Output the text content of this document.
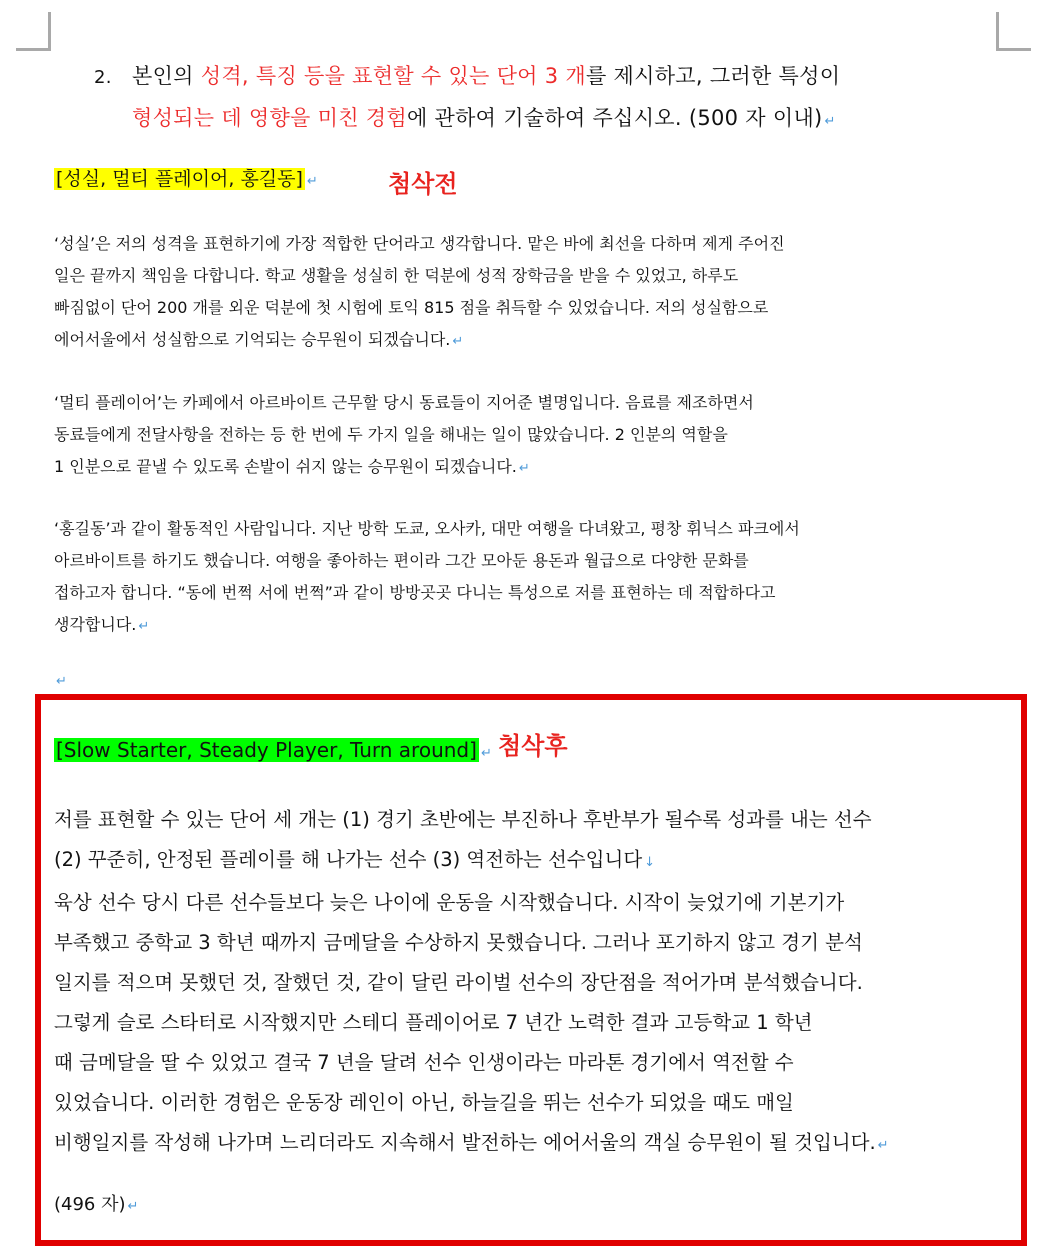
2. 본인의 성격, 특징 등을 표현할 수 있는 단어 3 개를 제시하고, 그러한 특성이
형성되는 데 영향을 미친 경험에 관하여 기술하여 주십시오. (500 자 이내) ↵
[성실, 멀티 플레이어, 홍길동] ↵	첨삭전
‘성실’은 저의 성격을 표현하기에 가장 적합한 단어라고 생각합니다. 맡은 바에 최선을 다하며 제게 주어진
일은 끝까지 책임을 다합니다. 학교 생활을 성실히 한 덕분에 성적 장학금을 받을 수 있었고, 하루도
빠짐없이 단어 200 개를 외운 덕분에 첫 시험에 토익 815 점을 취득할 수 있었습니다. 저의 성실함으로
에어서울에서 성실함으로 기억되는 승무원이 되겠습니다. ↵
‘멀티 플레이어’는 카페에서 아르바이트 근무할 당시 동료들이 지어준 별명입니다. 음료를 제조하면서
동료들에게 전달사항을 전하는 등 한 번에 두 가지 일을 해내는 일이 많았습니다. 2 인분의 역할을
1 인분으로 끝낼 수 있도록 손발이 쉬지 않는 승무원이 되겠습니다. ↵
‘홍길동’과 같이 활동적인 사람입니다. 지난 방학 도쿄, 오사카, 대만 여행을 다녀왔고, 평창 휘닉스 파크에서
아르바이트를 하기도 했습니다. 여행을 좋아하는 편이라 그간 모아둔 용돈과 월급으로 다양한 문화를
접하고자 합니다. “동에 번쩍 서에 번쩍”과 같이 방방곳곳 다니는 특성으로 저를 표현하는 데 적합하다고
생각합니다. ↵
↵
[Slow Starter, Steady Player, Turn around] ↵ 첨삭후
저를 표현할 수 있는 단어 세 개는 (1) 경기 초반에는 부진하나 후반부가 될수록 성과를 내는 선수
(2) 꾸준히, 안정된 플레이를 해 나가는 선수 (3) 역전하는 선수입니다 ↓
육상 선수 당시 다른 선수들보다 늦은 나이에 운동을 시작했습니다. 시작이 늦었기에 기본기가
부족했고 중학교 3 학년 때까지 금메달을 수상하지 못했습니다. 그러나 포기하지 않고 경기 분석
일지를 적으며 못했던 것, 잘했던 것, 같이 달린 라이벌 선수의 장단점을 적어가며 분석했습니다.
그렇게 슬로 스타터로 시작했지만 스테디 플레이어로 7 년간 노력한 결과 고등학교 1 학년
때 금메달을 딸 수 있었고 결국 7 년을 달려 선수 인생이라는 마라톤 경기에서 역전할 수
있었습니다. 이러한 경험은 운동장 레인이 아닌, 하늘길을 뛰는 선수가 되었을 때도 매일
비행일지를 작성해 나가며 느리더라도 지속해서 발전하는 에어서울의 객실 승무원이 될 것입니다. ↵
(496 자) ↵
